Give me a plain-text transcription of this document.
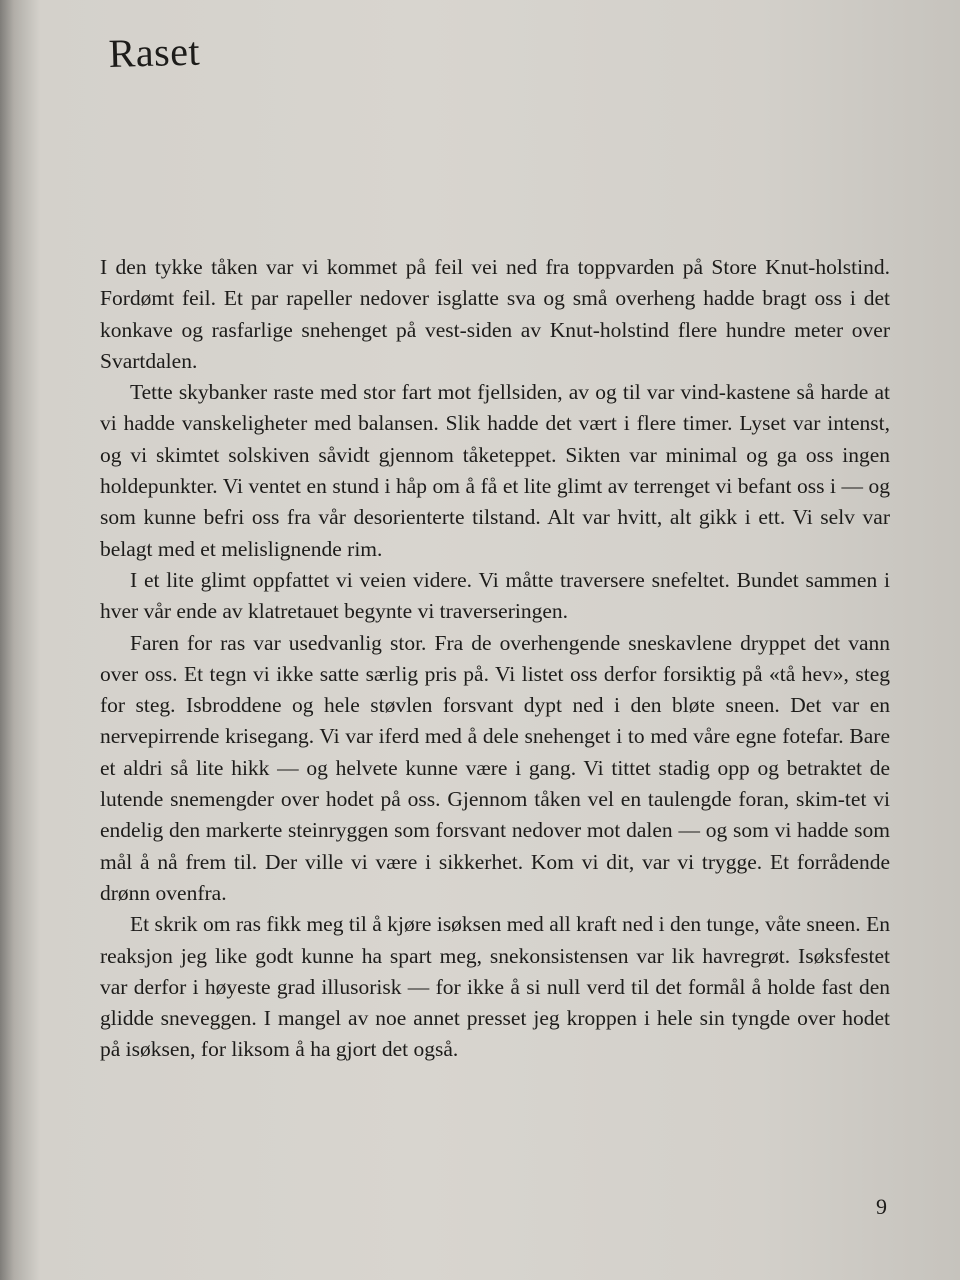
Raset

I den tykke tåken var vi kommet på feil vei ned fra toppvarden på Store Knut-holstind. Fordømt feil. Et par rapeller nedover isglatte sva og små overheng hadde bragt oss i det konkave og rasfarlige snehenget på vest-siden av Knut-holstind flere hundre meter over Svartdalen.

Tette skybanker raste med stor fart mot fjellsiden, av og til var vind-kastene så harde at vi hadde vanskeligheter med balansen. Slik hadde det vært i flere timer. Lyset var intenst, og vi skimtet solskiven såvidt gjennom tåketeppet. Sikten var minimal og ga oss ingen holdepunkter. Vi ventet en stund i håp om å få et lite glimt av terrenget vi befant oss i — og som kunne befri oss fra vår desorienterte tilstand. Alt var hvitt, alt gikk i ett. Vi selv var belagt med et melislignende rim.

I et lite glimt oppfattet vi veien videre. Vi måtte traversere snefeltet. Bundet sammen i hver vår ende av klatretauet begynte vi traverseringen.

Faren for ras var usedvanlig stor. Fra de overhengende sneskavlene dryppet det vann over oss. Et tegn vi ikke satte særlig pris på. Vi listet oss derfor forsiktig på «tå hev», steg for steg. Isbroddene og hele støvlen forsvant dypt ned i den bløte sneen. Det var en nervepirrende krisegang. Vi var iferd med å dele snehenget i to med våre egne fotefar. Bare et aldri så lite hikk — og helvete kunne være i gang. Vi tittet stadig opp og betraktet de lutende snemengder over hodet på oss. Gjennom tåken vel en taulengde foran, skim-tet vi endelig den markerte steinryggen som forsvant nedover mot dalen — og som vi hadde som mål å nå frem til. Der ville vi være i sikkerhet. Kom vi dit, var vi trygge. Et forrådende drønn ovenfra.

Et skrik om ras fikk meg til å kjøre isøksen med all kraft ned i den tunge, våte sneen. En reaksjon jeg like godt kunne ha spart meg, snekonsistensen var lik havregrøt. Isøksfestet var derfor i høyeste grad illusorisk — for ikke å si null verd til det formål å holde fast den glidde sneveggen. I mangel av noe annet presset jeg kroppen i hele sin tyngde over hodet på isøksen, for liksom å ha gjort det også.

9
